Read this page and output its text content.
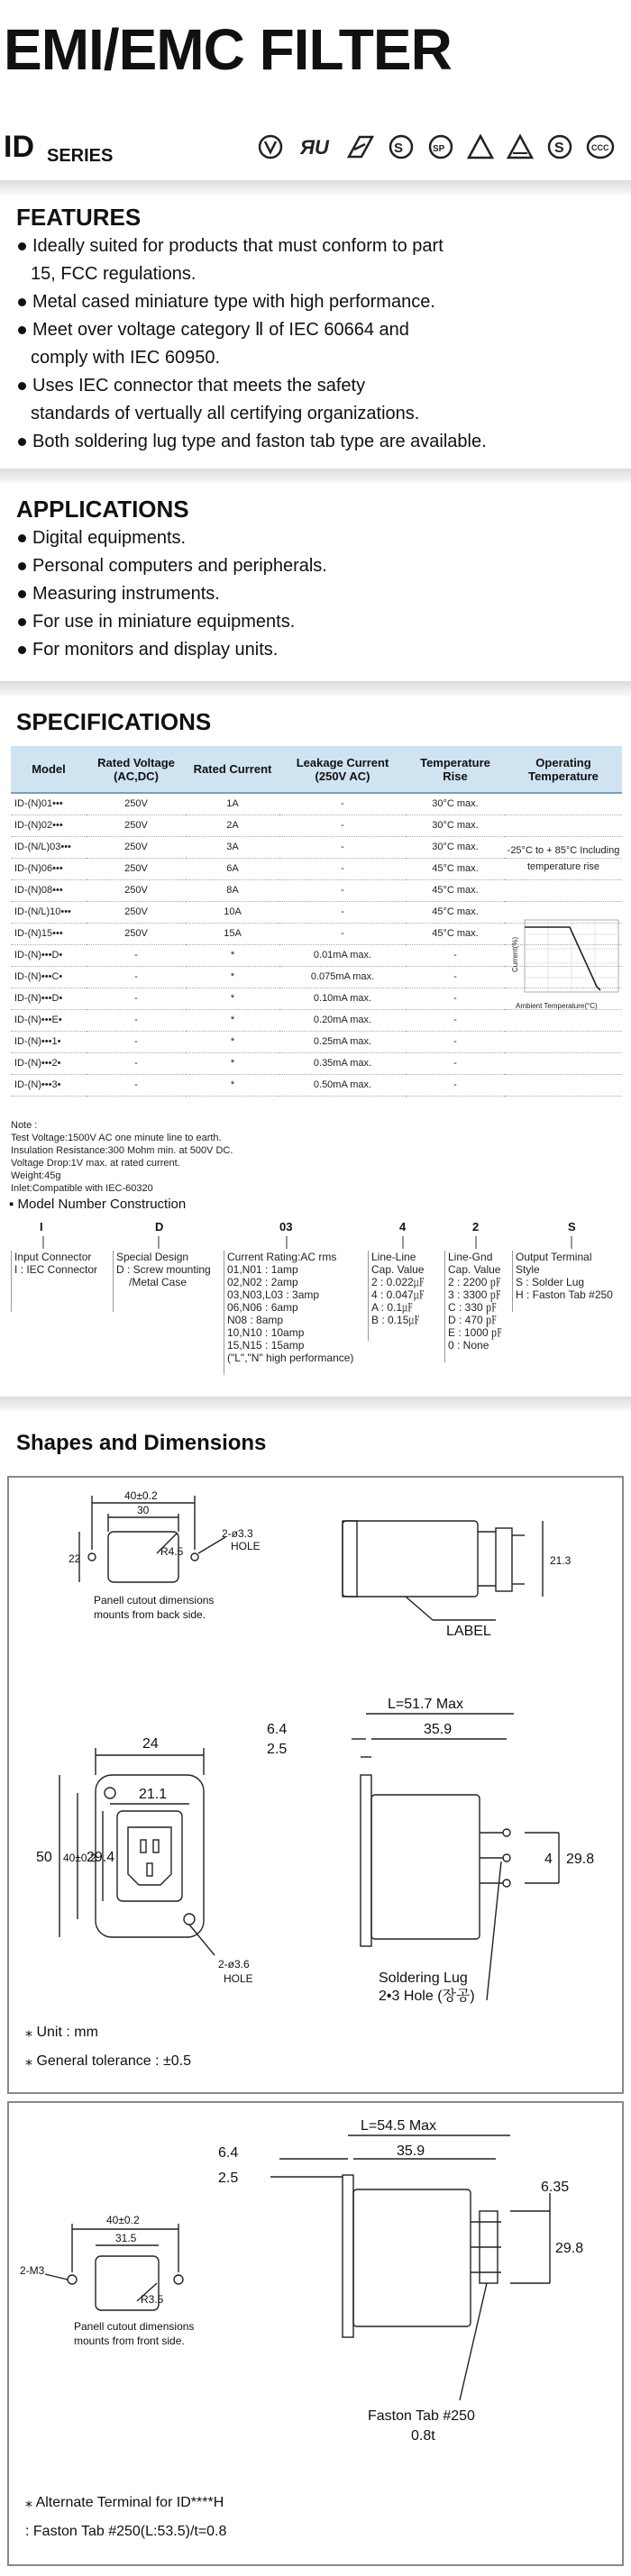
EMI/EMC FILTER
ID SERIES	ЯU	S	SP	S	CCC
FEATURES
Ideally suited for products that must conform to part
15, FCC regulations.
Metal cased miniature type with high performance.
Meet over voltage category Ⅱ of IEC 60664 and
comply with IEC 60950.
Uses IEC connector that meets the safety
standards of vertually all certifying organizations.
Both soldering lug type and faston tab type are available.
APPLICATIONS
Digital equipments.
Personal computers and peripherals.
Measuring instruments.
For use in miniature equipments.
For monitors and display units.
SPECIFICATIONS
Model	Rated Voltage (AC,DC)	Rated Current	Leakage Current (250V AC)	Temperature Rise	Operating Temperature
ID-(N)01•••	250V	1A	-	30°C max.	
ID-(N)02•••	250V	2A	-	30°C max.	
ID-(N/L)03•••	250V	3A	-	30°C max.	
ID-(N)06•••	250V	6A	-	45°C max.	
ID-(N)08•••	250V	8A	-	45°C max.	
ID-(N/L)10•••	250V	10A	-	45°C max.	
ID-(N)15•••	250V	15A	-	45°C max.	
ID-(N)•••D•	-	*	0.01mA max.	-	
ID-(N)•••C•	-	*	0.075mA max.	-	
ID-(N)•••D•	-	*	0.10mA max.	-	
ID-(N)•••E•	-	*	0.20mA max.	-	
ID-(N)•••1•	-	*	0.25mA max.	-	
ID-(N)•••2•	-	*	0.35mA max.	-	
ID-(N)•••3•	-	*	0.50mA max.	-	
-25°C to + 85°C Including temperature rise
Current(%)
Ambient Temperature(°C)
Note :
Test Voltage:1500V AC one minute line to earth.
Insulation Resistance:300 Mohm min. at 500V DC.
Voltage Drop:1V max. at rated current.
Weight:45g
Inlet:Compatible with IEC-60320
▪ Model Number Construction
I	D	03	4	2	S
Input Connector
I : IEC Connector
Special Design
D : Screw mounting
/Metal Case
Current Rating:AC rms
01,N01 : 1amp
02,N02 : 2amp
03,N03,L03 : 3amp
06,N06 : 6amp
N08 : 8amp
10,N10 : 10amp
15,N15 : 15amp
("L","N" high performance)
Line-Line
Cap. Value
2 : 0.022㎌
4 : 0.047㎌
A : 0.1㎌
B : 0.15㎌
Line-Gnd
Cap. Value
2 : 2200 ㎊
3 : 3300 ㎊
C : 330 ㎊
D : 470 ㎊
E : 1000 ㎊
0 : None
Output Terminal
Style
S : Solder Lug
H : Faston Tab #250
Shapes and Dimensions
40±0.2
30
22
R4.5
2-ø3.3
HOLE
Panell cutout dimensions
mounts from back side.
21.3
LABEL
24
21.1
50 40±0.2
29.4
2-ø3.6
HOLE
L=51.7 Max
6.4
2.5
35.9
4 29.8
Soldering Lug
2•3 Hole (장공)
⁎ Unit : mm
⁎ General tolerance : ±0.5
L=54.5 Max
6.4
2.5
35.9
6.35
29.8
40±0.2
31.5
2-M3
R3.5
Panell cutout dimensions
mounts from front side.
Faston Tab #250
0.8t
⁎ Alternate Terminal for ID****H
: Faston Tab #250(L:53.5)/t=0.8
